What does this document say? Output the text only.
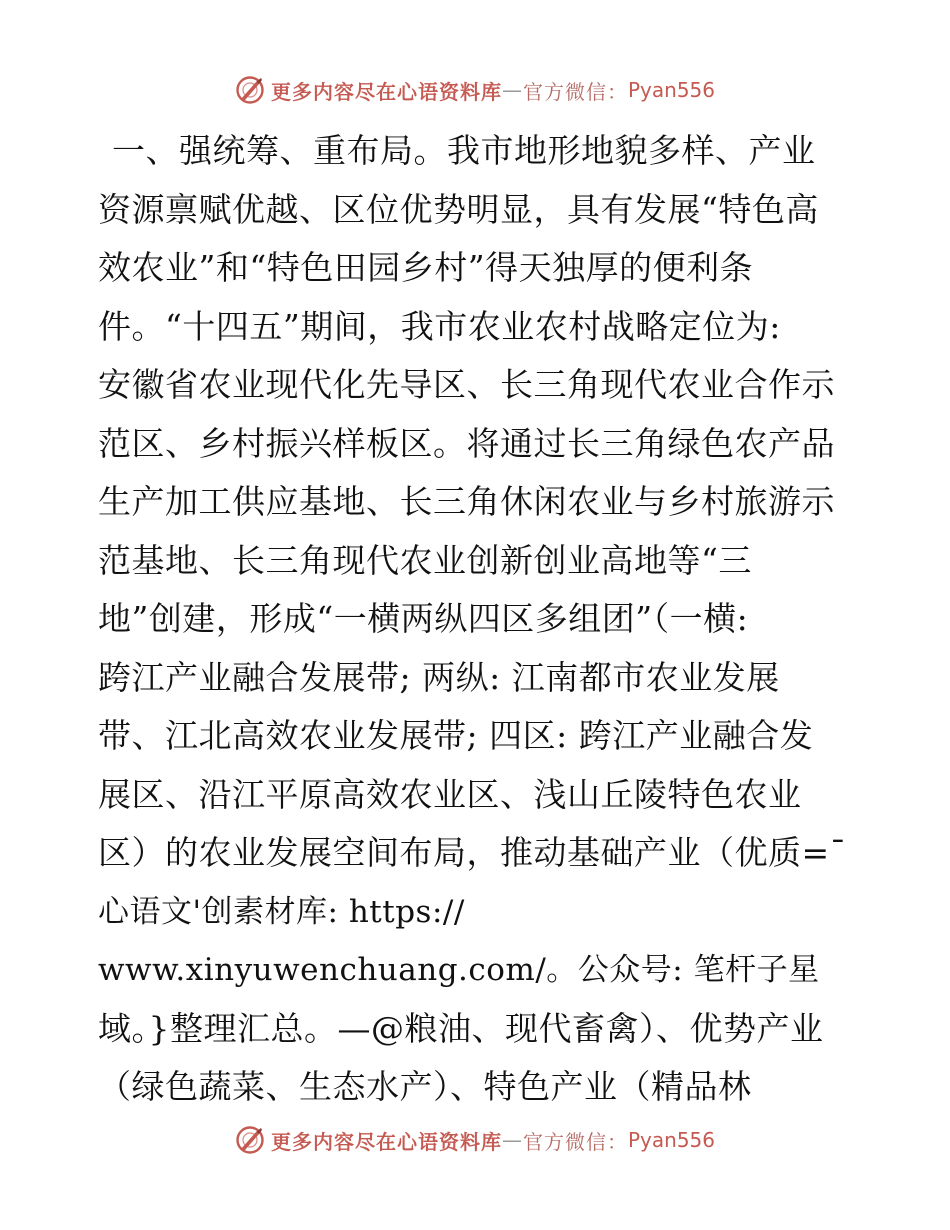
更多内容尽在心语资料库 — 官方微信： Pyan556
一、强统筹、重布局。我市地形地貌多样、产业
资源禀赋优越、区位优势明显，具有发展“特色高
效农业”和“特色田园乡村”得天独厚的便利条
件。“十四五”期间，我市农业农村战略定位为:
安徽省农业现代化先导区、长三角现代农业合作示
范区、乡村振兴样板区。将通过长三角绿色农产品
生产加工供应基地、长三角休闲农业与乡村旅游示
范基地、长三角现代农业创新创业高地等“三
地”创建，形成“一横两纵四区多组团”（一横:
跨江产业融合发展带; 两纵: 江南都市农业发展
带、江北高效农业发展带; 四区: 跨江产业融合发
展区、沿江平原高效农业区、浅山丘陵特色农业
区）的农业发展空间布局，推动基础产业（优质=¯
心语文'创素材库: https://
www.xinyuwenchuang.com/。公众号: 笔杆子星
域。}整理汇总。—@粮油、现代畜禽）、优势产业
（绿色蔬菜、生态水产）、特色产业（精品林
更多内容尽在心语资料库 — 官方微信： Pyan556
